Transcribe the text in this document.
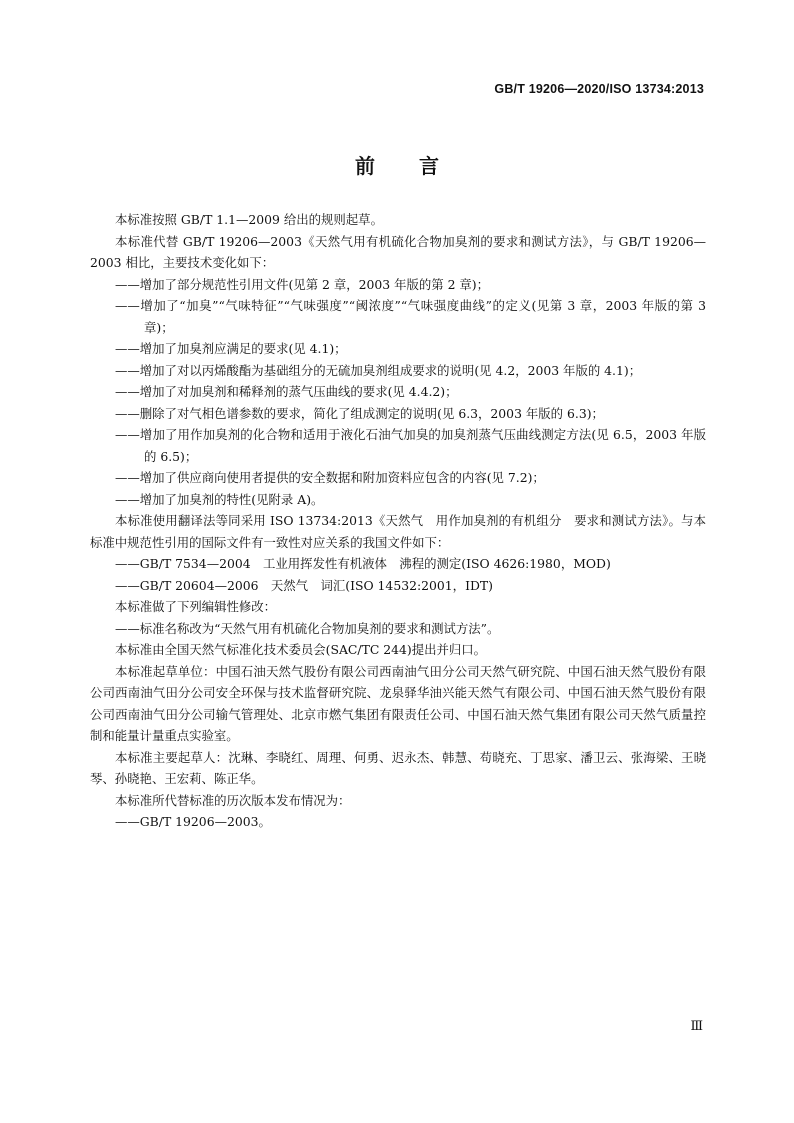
GB/T 19206—2020/ISO 13734:2013
前 言

本标准按照 GB/T 1.1—2009 给出的规则起草。

本标准代替 GB/T 19206—2003《天然气用有机硫化合物加臭剂的要求和测试方法》，与 GB/T 19206—2003 相比，主要技术变化如下：

——增加了部分规范性引用文件(见第 2 章，2003 年版的第 2 章)；

——增加了“加臭”“气味特征”“气味强度”“阈浓度”“气味强度曲线”的定义(见第 3 章，2003 年版的第 3 章)；

——增加了加臭剂应满足的要求(见 4.1)；

——增加了对以丙烯酸酯为基础组分的无硫加臭剂组成要求的说明(见 4.2，2003 年版的 4.1)；

——增加了对加臭剂和稀释剂的蒸气压曲线的要求(见 4.4.2)；

——删除了对气相色谱参数的要求，简化了组成测定的说明(见 6.3，2003 年版的 6.3)；

——增加了用作加臭剂的化合物和适用于液化石油气加臭的加臭剂蒸气压曲线测定方法(见 6.5，2003 年版的 6.5)；

——增加了供应商向使用者提供的安全数据和附加资料应包含的内容(见 7.2)；

——增加了加臭剂的特性(见附录 A)。

本标准使用翻译法等同采用 ISO 13734:2013《天然气　用作加臭剂的有机组分　要求和测试方法》。与本标准中规范性引用的国际文件有一致性对应关系的我国文件如下：

——GB/T 7534—2004　工业用挥发性有机液体　沸程的测定(ISO 4626:1980，MOD)

——GB/T 20604—2006　天然气　词汇(ISO 14532:2001，IDT)

本标准做了下列编辑性修改：

——标准名称改为“天然气用有机硫化合物加臭剂的要求和测试方法”。

本标准由全国天然气标准化技术委员会(SAC/TC 244)提出并归口。

本标准起草单位：中国石油天然气股份有限公司西南油气田分公司天然气研究院、中国石油天然气股份有限公司西南油气田分公司安全环保与技术监督研究院、龙泉驿华油兴能天然气有限公司、中国石油天然气股份有限公司西南油气田分公司输气管理处、北京市燃气集团有限责任公司、中国石油天然气集团有限公司天然气质量控制和能量计量重点实验室。

本标准主要起草人：沈琳、李晓红、周理、何勇、迟永杰、韩慧、苟晓充、丁思家、潘卫云、张海梁、王晓琴、孙晓艳、王宏莉、陈正华。

本标准所代替标准的历次版本发布情况为：

——GB/T 19206—2003。

Ⅲ
